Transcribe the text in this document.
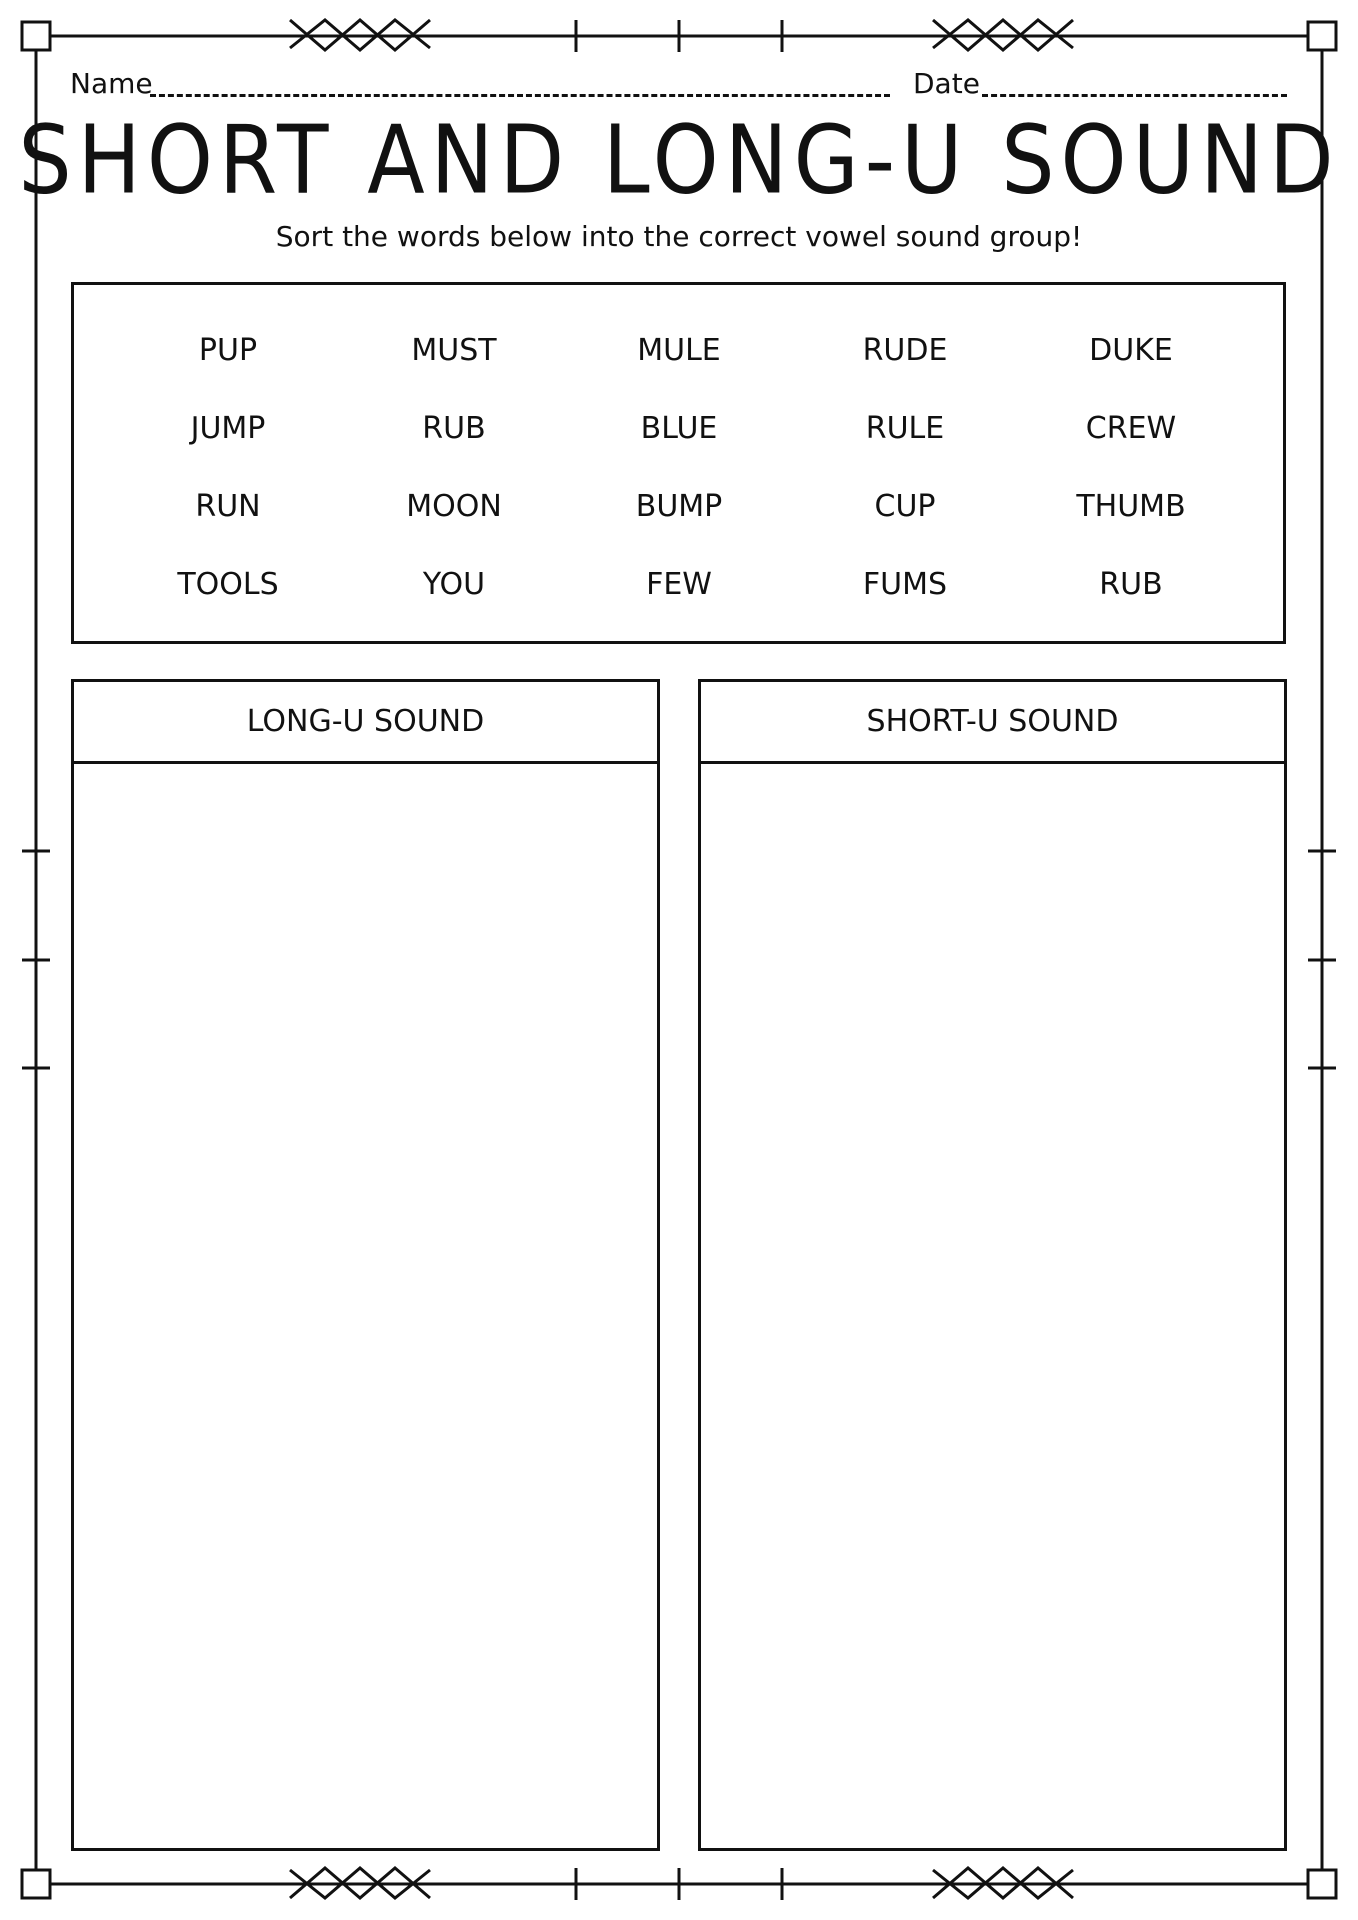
Name	Date
SHORT AND LONG-U SOUND
Sort the words below into the correct vowel sound group!
PUP	MUST	MULE	RUDE	DUKE
JUMP	RUB	BLUE	RULE	CREW
RUN	MOON	BUMP	CUP	THUMB
TOOLS	YOU	FEW	FUMS	RUB
LONG-U SOUND	SHORT-U SOUND
